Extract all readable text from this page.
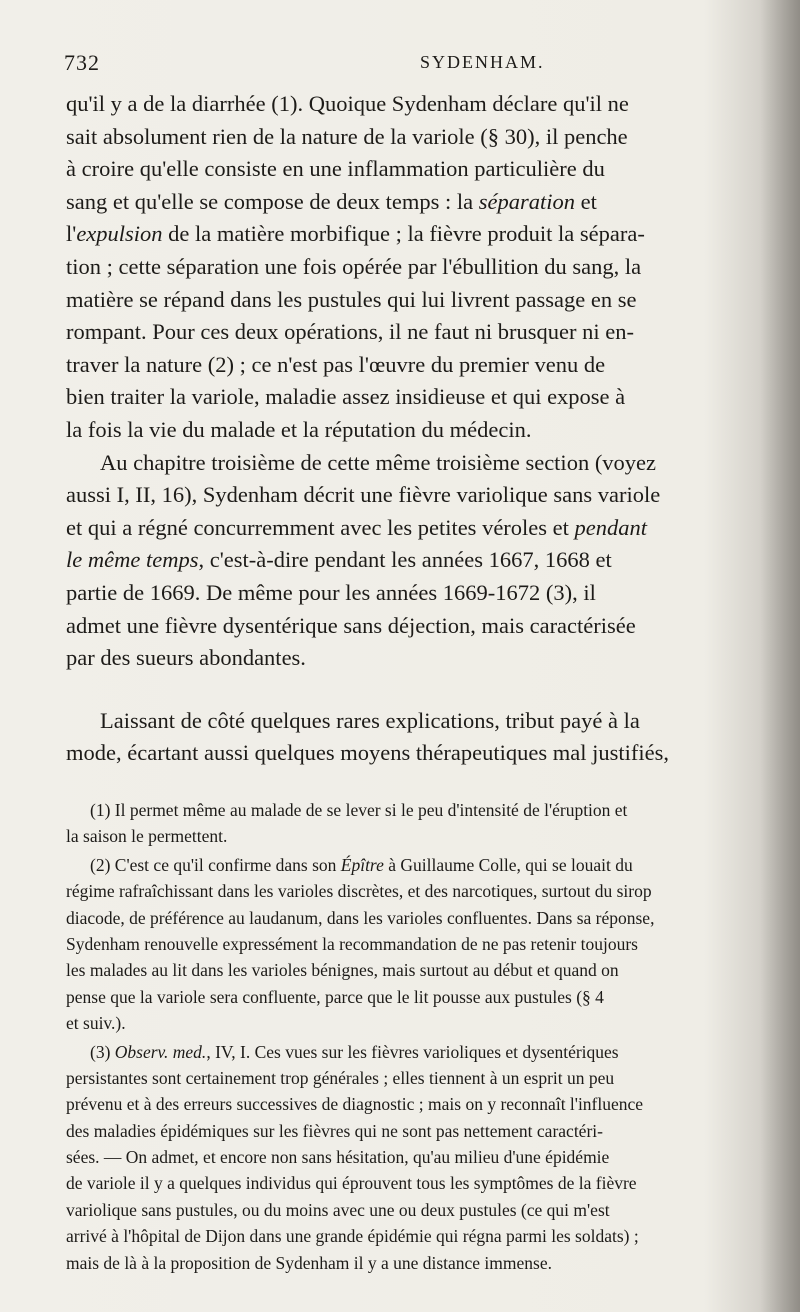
732	SYDENHAM.
qu'il y a de la diarrhée (1). Quoique Sydenham déclare qu'il ne
sait absolument rien de la nature de la variole (§ 30), il penche
à croire qu'elle consiste en une inflammation particulière du
sang et qu'elle se compose de deux temps : la séparation et
l'expulsion de la matière morbifique ; la fièvre produit la sépara-
tion ; cette séparation une fois opérée par l'ébullition du sang, la
matière se répand dans les pustules qui lui livrent passage en se
rompant. Pour ces deux opérations, il ne faut ni brusquer ni en-
traver la nature (2) ; ce n'est pas l'œuvre du premier venu de
bien traiter la variole, maladie assez insidieuse et qui expose à
la fois la vie du malade et la réputation du médecin.
Au chapitre troisième de cette même troisième section (voyez
aussi I, II, 16), Sydenham décrit une fièvre variolique sans variole
et qui a régné concurremment avec les petites véroles et pendant
le même temps, c'est-à-dire pendant les années 1667, 1668 et
partie de 1669. De même pour les années 1669-1672 (3), il
admet une fièvre dysentérique sans déjection, mais caractérisée
par des sueurs abondantes.
Laissant de côté quelques rares explications, tribut payé à la
mode, écartant aussi quelques moyens thérapeutiques mal justifiés,
(1) Il permet même au malade de se lever si le peu d'intensité de l'éruption et
la saison le permettent.
(2) C'est ce qu'il confirme dans son Épître à Guillaume Colle, qui se louait du
régime rafraîchissant dans les varioles discrètes, et des narcotiques, surtout du sirop
diacode, de préférence au laudanum, dans les varioles confluentes. Dans sa réponse,
Sydenham renouvelle expressément la recommandation de ne pas retenir toujours
les malades au lit dans les varioles bénignes, mais surtout au début et quand on
pense que la variole sera confluente, parce que le lit pousse aux pustules (§ 4
et suiv.).
(3) Observ. med., IV, I. Ces vues sur les fièvres varioliques et dysentériques
persistantes sont certainement trop générales ; elles tiennent à un esprit un peu
prévenu et à des erreurs successives de diagnostic ; mais on y reconnaît l'influence
des maladies épidémiques sur les fièvres qui ne sont pas nettement caractéri-
sées. — On admet, et encore non sans hésitation, qu'au milieu d'une épidémie
de variole il y a quelques individus qui éprouvent tous les symptômes de la fièvre
variolique sans pustules, ou du moins avec une ou deux pustules (ce qui m'est
arrivé à l'hôpital de Dijon dans une grande épidémie qui régna parmi les soldats) ;
mais de là à la proposition de Sydenham il y a une distance immense.
